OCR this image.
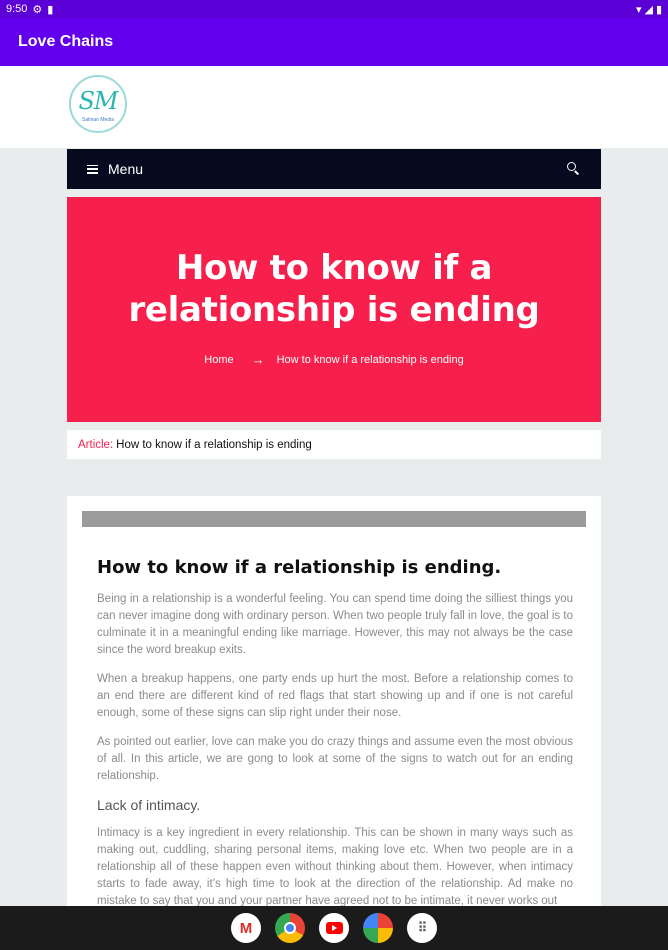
9:50 ⚙ ▮	▾ ◢ ▮
Love Chains
SM
Salman Media
Menu
How to know if a relationship is ending
Home → How to know if a relationship is ending
Article: How to know if a relationship is ending
How to know if a relationship is ending.

Being in a relationship is a wonderful feeling. You can spend time doing the silliest things you can never imagine dong with ordinary person. When two people truly fall in love, the goal is to culminate it in a meaningful ending like marriage. However, this may not always be the case since the word breakup exits.

When a breakup happens, one party ends up hurt the most. Before a relationship comes to an end there are different kind of red flags that start showing up and if one is not careful enough, some of these signs can slip right under their nose.

As pointed out earlier, love can make you do crazy things and assume even the most obvious of all. In this article, we are gong to look at some of the signs to watch out for an ending relationship.

Lack of intimacy.

Intimacy is a key ingredient in every relationship. This can be shown in many ways such as making out, cuddling, sharing personal items, making love etc. When two people are in a relationship all of these happen even without thinking about them. However, when intimacy starts to fade away, it’s high time to look at the direction of the relationship. Ad make no mistake to say that you and your partner have agreed not to be intimate, it never works out

M	⠿
